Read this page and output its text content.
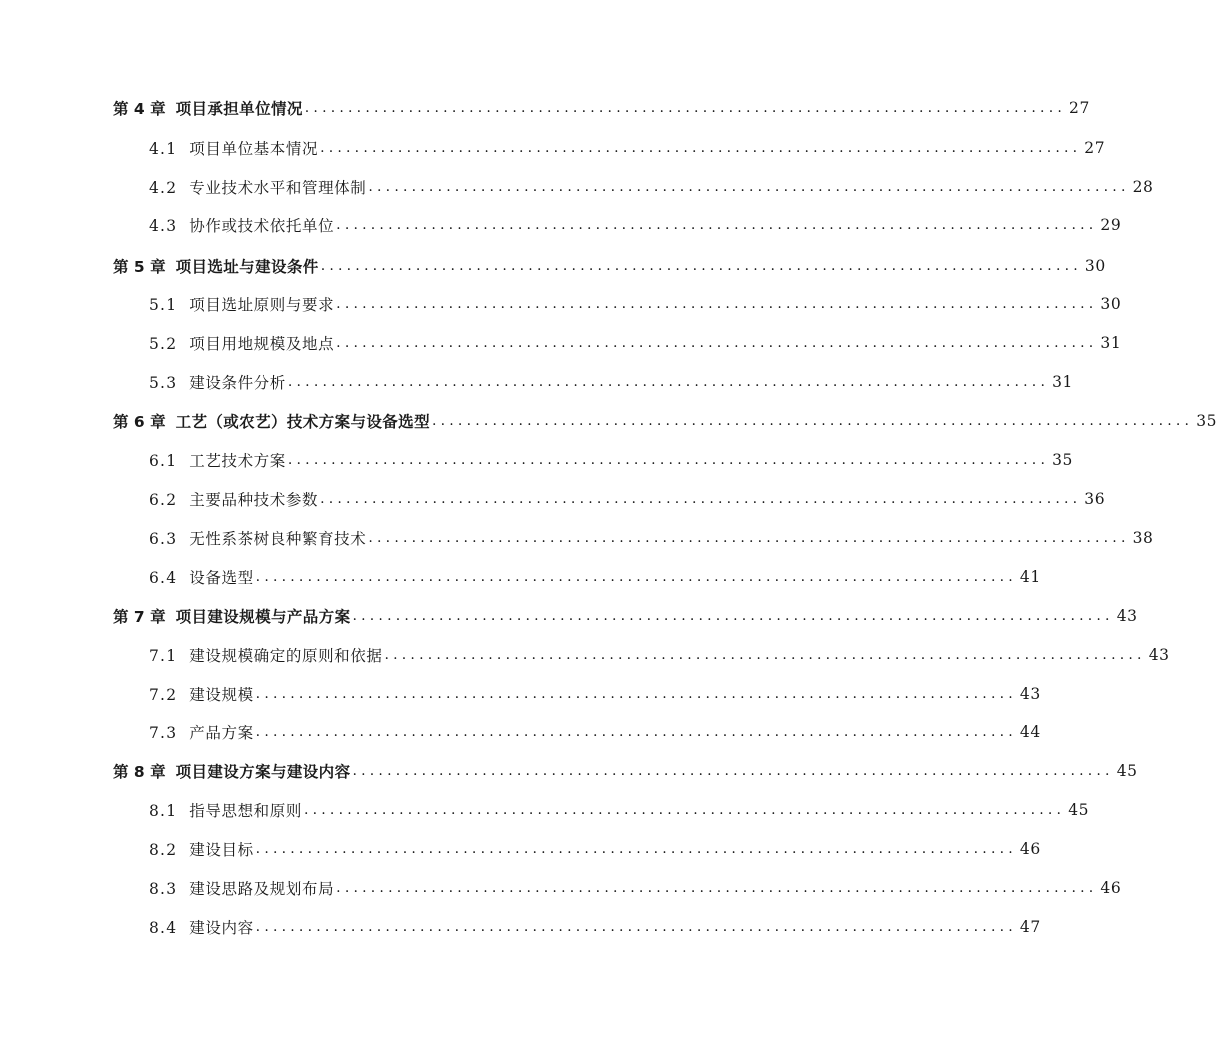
第 4 章 项目承担单位情况 ........................................................................................ 27
4.1 项目单位基本情况 ........................................................................................ 27
4.2 专业技术水平和管理体制 ........................................................................................ 28
4.3 协作或技术依托单位 ........................................................................................ 29
第 5 章 项目选址与建设条件 ........................................................................................ 30
5.1 项目选址原则与要求 ........................................................................................ 30
5.2 项目用地规模及地点 ........................................................................................ 31
5.3 建设条件分析 ........................................................................................ 31
第 6 章 工艺（或农艺）技术方案与设备选型 ........................................................................................ 35
6.1 工艺技术方案 ........................................................................................ 35
6.2 主要品种技术参数 ........................................................................................ 36
6.3 无性系茶树良种繁育技术 ........................................................................................ 38
6.4 设备选型 ........................................................................................ 41
第 7 章 项目建设规模与产品方案 ........................................................................................ 43
7.1 建设规模确定的原则和依据 ........................................................................................ 43
7.2 建设规模 ........................................................................................ 43
7.3 产品方案 ........................................................................................ 44
第 8 章 项目建设方案与建设内容 ........................................................................................ 45
8.1 指导思想和原则 ........................................................................................ 45
8.2 建设目标 ........................................................................................ 46
8.3 建设思路及规划布局 ........................................................................................ 46
8.4 建设内容 ........................................................................................ 47
